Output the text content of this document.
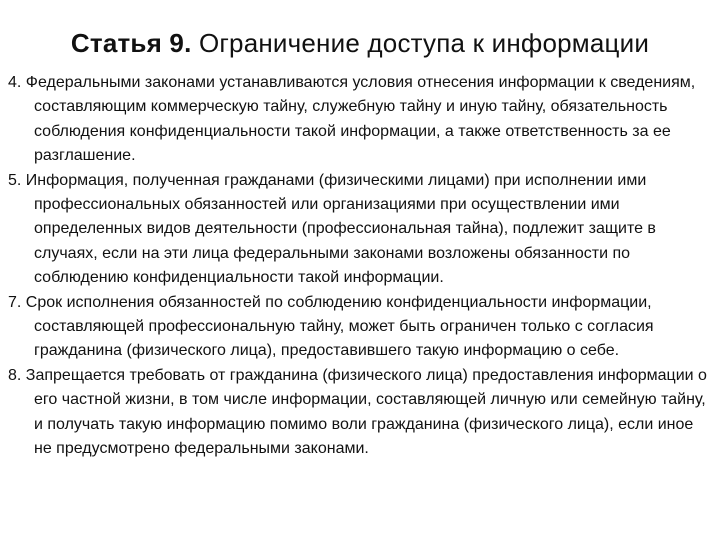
Статья 9. Ограничение доступа к информации

4. Федеральными законами устанавливаются условия отнесения информации к сведениям, составляющим коммерческую тайну, служебную тайну и иную тайну, обязательность соблюдения конфиденциальности такой информации, а также ответственность за ее разглашение.

5. Информация, полученная гражданами (физическими лицами) при исполнении ими профессиональных обязанностей или организациями при осуществлении ими определенных видов деятельности (профессиональная тайна), подлежит защите в случаях, если на эти лица федеральными законами возложены обязанности по соблюдению конфиденциальности такой информации.

7. Срок исполнения обязанностей по соблюдению конфиденциальности информации, составляющей профессиональную тайну, может быть ограничен только с согласия гражданина (физического лица), предоставившего такую информацию о себе.

8. Запрещается требовать от гражданина (физического лица) предоставления информации о его частной жизни, в том числе информации, составляющей личную или семейную тайну, и получать такую информацию помимо воли гражданина (физического лица), если иное не предусмотрено федеральными законами.
